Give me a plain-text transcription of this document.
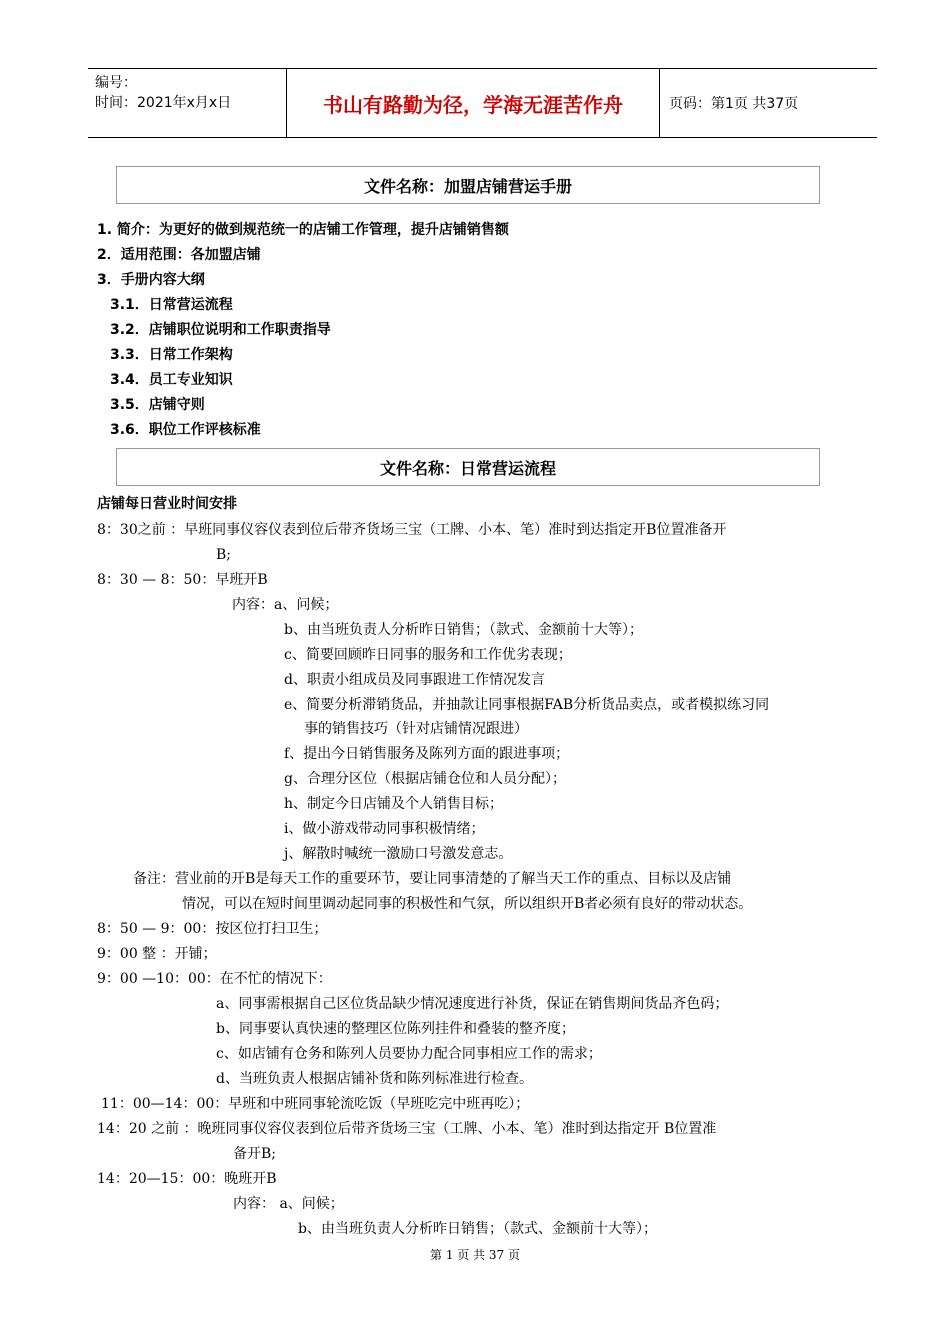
编号：
时间：2021年x月x日	书山有路勤为径，学海无涯苦作舟	页码：第1页 共37页
文件名称：加盟店铺营运手册
1. 简介：为更好的做到规范统一的店铺工作管理，提升店铺销售额
2．适用范围：各加盟店铺
3．手册内容大纲
3.1．日常营运流程
3.2．店铺职位说明和工作职责指导
3.3．日常工作架构
3.4．员工专业知识
3.5．店铺守则
3.6．职位工作评核标准
文件名称：日常营运流程
店铺每日营业时间安排
8：30之前 ：早班同事仪容仪表到位后带齐货场三宝（工牌、小本、笔）准时到达指定开B位置准备开
B;
8：30 — 8：50：早班开B
内容：a、问候；
b、由当班负责人分析昨日销售；（款式、金额前十大等）；
c、简要回顾昨日同事的服务和工作优劣表现；
d、职责小组成员及同事跟进工作情况发言
e、简要分析滞销货品，并抽款让同事根据FAB分析货品卖点，或者模拟练习同
事的销售技巧（针对店铺情况跟进）
f、提出今日销售服务及陈列方面的跟进事项；
g、合理分区位（根据店铺仓位和人员分配）；
h、制定今日店铺及个人销售目标；
i、做小游戏带动同事积极情绪；
j、解散时喊统一激励口号激发意志。
备注：营业前的开B是每天工作的重要环节，要让同事清楚的了解当天工作的重点、目标以及店铺
情况，可以在短时间里调动起同事的积极性和气氛，所以组织开B者必须有良好的带动状态。
8：50 — 9：00：按区位打扫卫生；
9：00 整 ：开铺；
9：00 —10：00：在不忙的情况下：
a、同事需根据自己区位货品缺少情况速度进行补货，保证在销售期间货品齐色码；
b、同事要认真快速的整理区位陈列挂件和叠装的整齐度；
c、如店铺有仓务和陈列人员要协力配合同事相应工作的需求；
d、当班负责人根据店铺补货和陈列标准进行检查。
11：00—14：00：早班和中班同事轮流吃饭（早班吃完中班再吃）；
14：20 之前 ：晚班同事仪容仪表到位后带齐货场三宝（工牌、小本、笔）准时到达指定开 B位置准
备开B;
14：20—15：00：晚班开B
内容： a、问候；
b、由当班负责人分析昨日销售；（款式、金额前十大等）；
第 1 页 共 37 页
